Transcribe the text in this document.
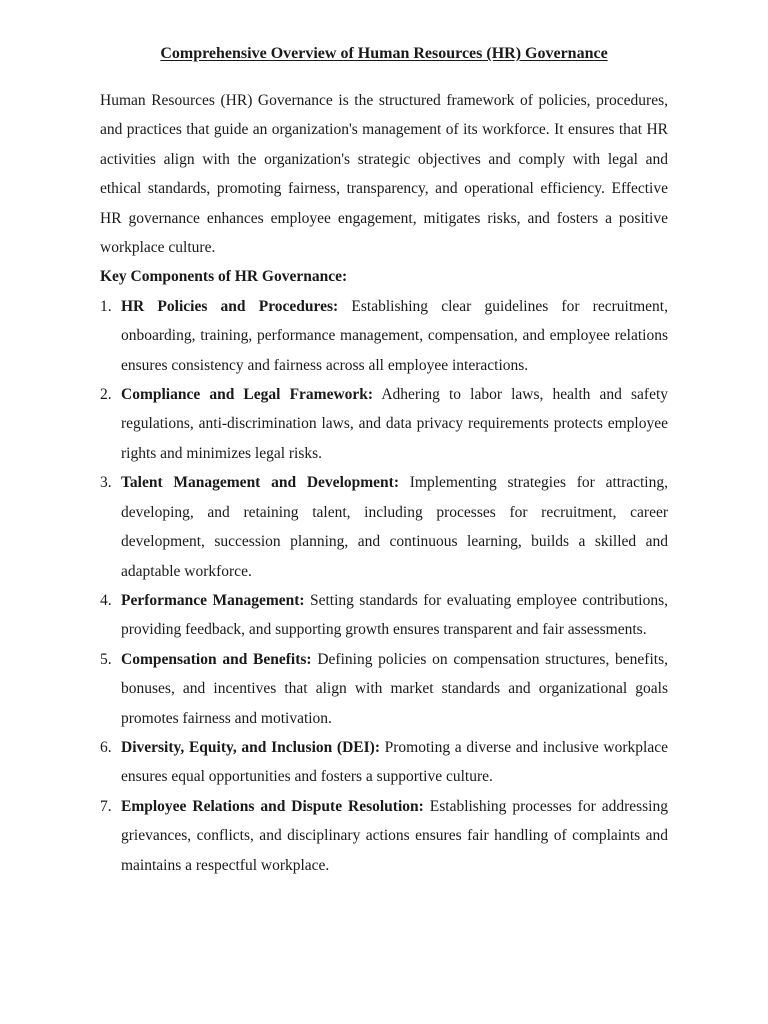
Comprehensive Overview of Human Resources (HR) Governance

Human Resources (HR) Governance is the structured framework of policies, procedures, and practices that guide an organization's management of its workforce. It ensures that HR activities align with the organization's strategic objectives and comply with legal and ethical standards, promoting fairness, transparency, and operational efficiency. Effective HR governance enhances employee engagement, mitigates risks, and fosters a positive workplace culture.

Key Components of HR Governance:
1. HR Policies and Procedures: Establishing clear guidelines for recruitment, onboarding, training, performance management, compensation, and employee relations ensures consistency and fairness across all employee interactions.
2. Compliance and Legal Framework: Adhering to labor laws, health and safety regulations, anti-discrimination laws, and data privacy requirements protects employee rights and minimizes legal risks.
3. Talent Management and Development: Implementing strategies for attracting, developing, and retaining talent, including processes for recruitment, career development, succession planning, and continuous learning, builds a skilled and adaptable workforce.
4. Performance Management: Setting standards for evaluating employee contributions, providing feedback, and supporting growth ensures transparent and fair assessments.
5. Compensation and Benefits: Defining policies on compensation structures, benefits, bonuses, and incentives that align with market standards and organizational goals promotes fairness and motivation.
6. Diversity, Equity, and Inclusion (DEI): Promoting a diverse and inclusive workplace ensures equal opportunities and fosters a supportive culture.
7. Employee Relations and Dispute Resolution: Establishing processes for addressing grievances, conflicts, and disciplinary actions ensures fair handling of complaints and maintains a respectful workplace.
